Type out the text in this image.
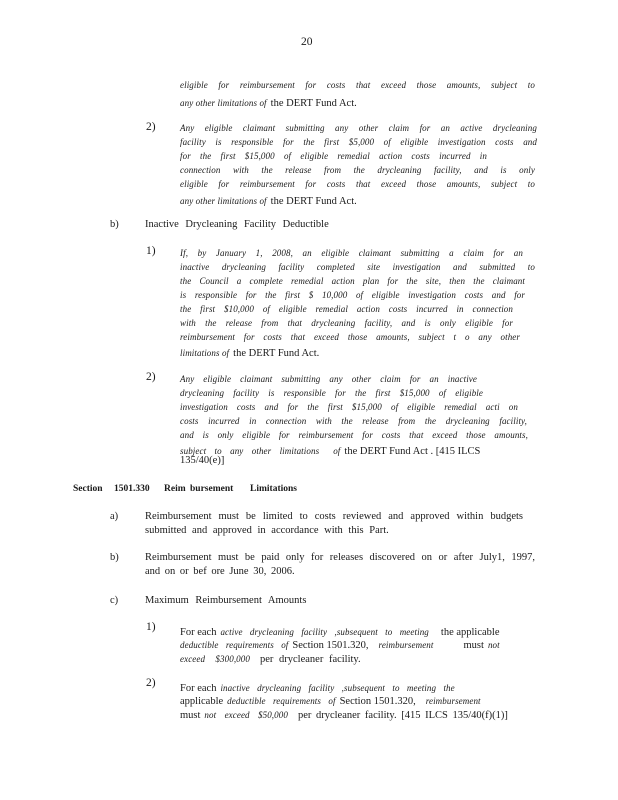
20
eligible for reimbursement for costs that exceed those amounts, subject to
any other limitations of the DERT Fund Act.
2)	Any eligible claimant submitting any other claim for an active drycleaning
facility is responsible for the first $5,000 of eligible investigation costs and
for the first $15,000 of eligible remedial action costs incurred in
connection with the release from the drycleaning facility, and is only
eligible for reimbursement for costs that exceed those amounts, subject to
any other limitations of the DERT Fund Act.
b)	Inactive Drycleaning Facility Deductible
1)	If, by January 1, 2008, an eligible claimant submitting a claim for an
inactive drycleaning facility completed site investigation and submitted to
the Council a complete remedial action plan for the site, then the claimant
is responsible for the first $ 10,000 of eligible investigation costs and for
the first $10,000 of eligible remedial action costs incurred in connection
with the release from that drycleaning facility, and is only eligible for
reimbursement for costs that exceed those amounts, subject t o any other
limitations of the DERT Fund Act.
2)	Any eligible claimant submitting any other claim for an inactive
drycleaning facility is responsible for the first $15,000 of eligible
investigation costs and for the first $15,000 of eligible remedial acti on
costs incurred in connection with the release from the drycleaning facility,
and is only eligible for reimbursement for costs that exceed those amounts,
subject to any other limitations of the DERT Fund Act . [415 ILCS
135/40(e)]
Section 1501.330 Reim bursement Limitations
a)	Reimbursement must be limited to costs reviewed and approved within budgets
submitted and approved in accordance with this Part.
b)	Reimbursement must be paid only for releases discovered on or after July1, 1997,
and on or bef ore June 30, 2006.
c)	Maximum Reimbursement Amounts
1) For each active drycleaning facility ,subsequent to meeting the applicable
deductible requirements of Section 1501.320, reimbursement	must not
exceed $300,000 per drycleaner facility.
2) For each inactive drycleaning facility ,subsequent to meeting the
applicable deductible requirements of Section 1501.320, reimbursement
must not exceed $50,000 per drycleaner facility. [415 ILCS 135/40(f)(1)]
